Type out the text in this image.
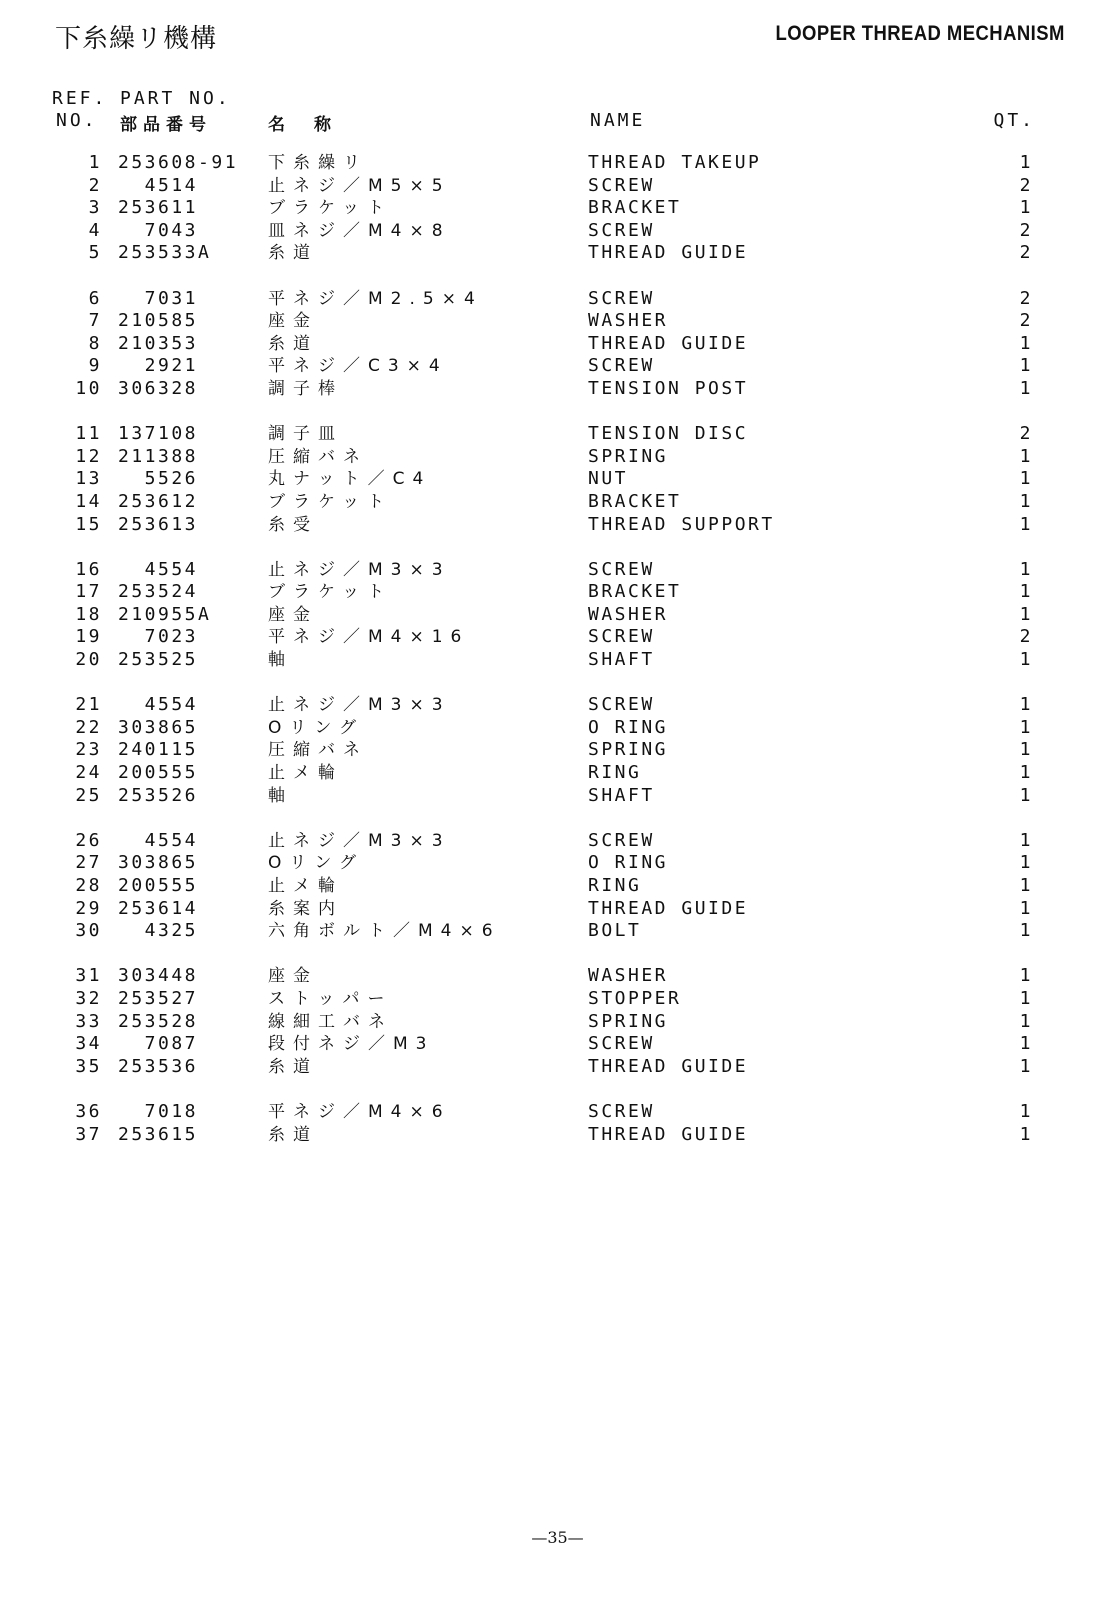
下糸繰リ機構	LOOPER THREAD MECHANISM
REF. PART NO.
NO. 部品番号	名　称	NAME	QT.
1 253608-91 下糸繰リ	THREAD TAKEUP	1
2 4514	止ネジ／M5×5	SCREW	2
3 253611	ブラケット	BRACKET	1
4 7043	皿ネジ／M4×8	SCREW	2
5 253533A	糸道	THREAD GUIDE	2
6 7031	平ネジ／M2.5×4	SCREW	2
7 210585	座金	WASHER	2
8 210353	糸道	THREAD GUIDE	1
9 2921	平ネジ／C3×4	SCREW	1
10 306328	調子棒	TENSION POST	1
11 137108	調子皿	TENSION DISC	2
12 211388	圧縮バネ	SPRING	1
13 5526	丸ナット／C4	NUT	1
14 253612	ブラケット	BRACKET	1
15 253613	糸受	THREAD SUPPORT	1
16 4554	止ネジ／M3×3	SCREW	1
17 253524	ブラケット	BRACKET	1
18 210955A	座金	WASHER	1
19 7023	平ネジ／M4×16	SCREW	2
20 253525	軸	SHAFT	1
21 4554	止ネジ／M3×3	SCREW	1
22 303865	Oリング	O RING	1
23 240115	圧縮バネ	SPRING	1
24 200555	止メ輪	RING	1
25 253526	軸	SHAFT	1
26 4554	止ネジ／M3×3	SCREW	1
27 303865	Oリング	O RING	1
28 200555	止メ輪	RING	1
29 253614	糸案内	THREAD GUIDE	1
30 4325	六角ボルト／M4×6	BOLT	1
31 303448	座金	WASHER	1
32 253527	ストッパー	STOPPER	1
33 253528	線細工バネ	SPRING	1
34 7087	段付ネジ／M3	SCREW	1
35 253536	糸道	THREAD GUIDE	1
36 7018	平ネジ／M4×6	SCREW	1
37 253615	糸道	THREAD GUIDE	1
—35—
